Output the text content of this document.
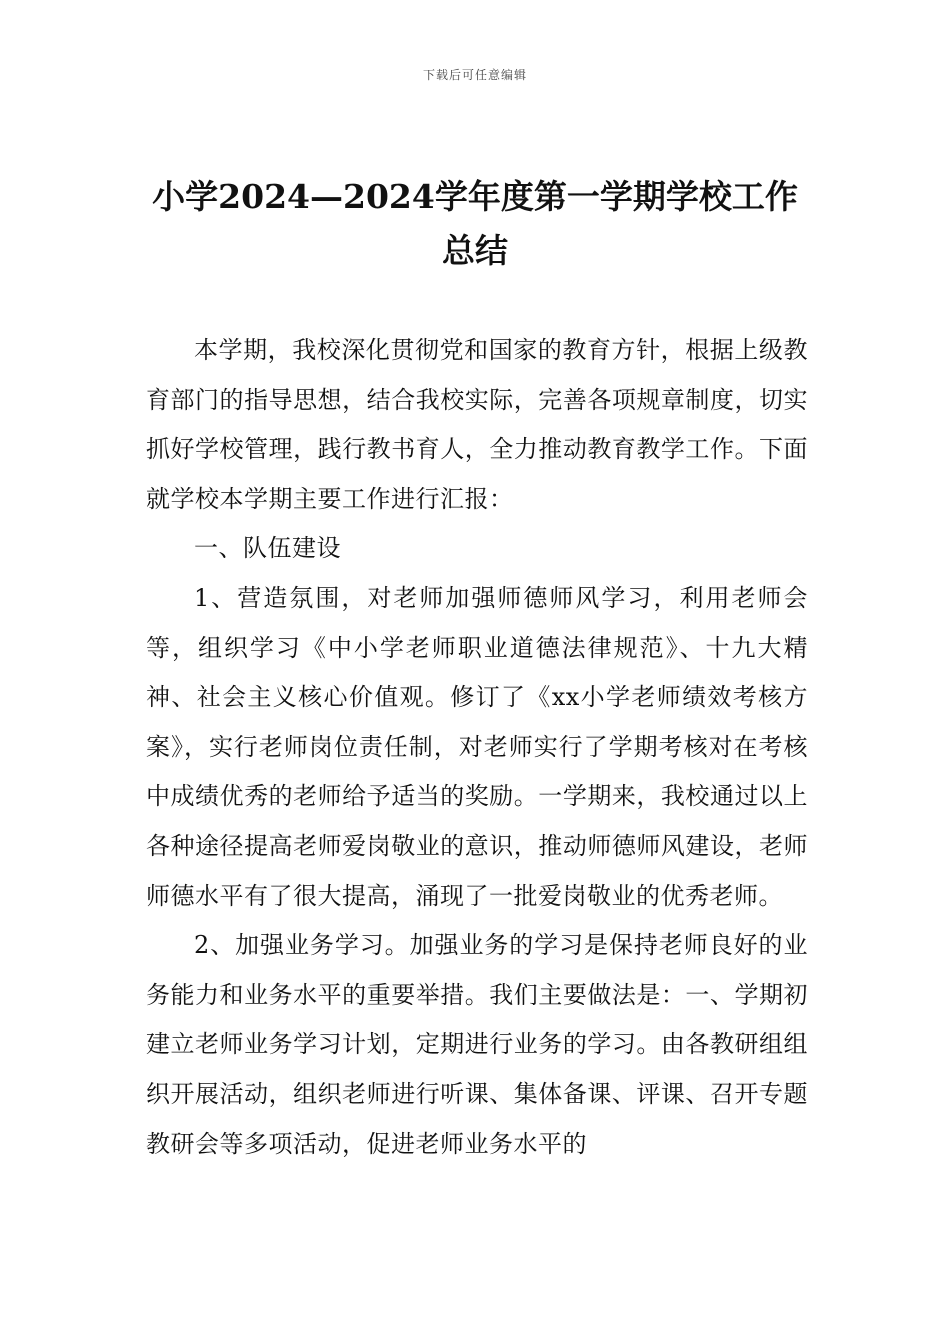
下载后可任意编辑
小学2024—2024学年度第一学期学校工作总结

本学期，我校深化贯彻党和国家的教育方针，根据上级教育部门的指导思想，结合我校实际，完善各项规章制度，切实抓好学校管理，践行教书育人，全力推动教育教学工作。下面就学校本学期主要工作进行汇报：

一、队伍建设

1、营造氛围，对老师加强师德师风学习，利用老师会等，组织学习《中小学老师职业道德法律规范》、十九大精神、社会主义核心价值观。修订了《xx小学老师绩效考核方案》，实行老师岗位责任制，对老师实行了学期考核对在考核中成绩优秀的老师给予适当的奖励。一学期来，我校通过以上各种途径提高老师爱岗敬业的意识，推动师德师风建设，老师师德水平有了很大提高，涌现了一批爱岗敬业的优秀老师。

2、加强业务学习。加强业务的学习是保持老师良好的业务能力和业务水平的重要举措。我们主要做法是：一、学期初建立老师业务学习计划，定期进行业务的学习。由各教研组组织开展活动，组织老师进行听课、集体备课、评课、召开专题教研会等多项活动，促进老师业务水平的
